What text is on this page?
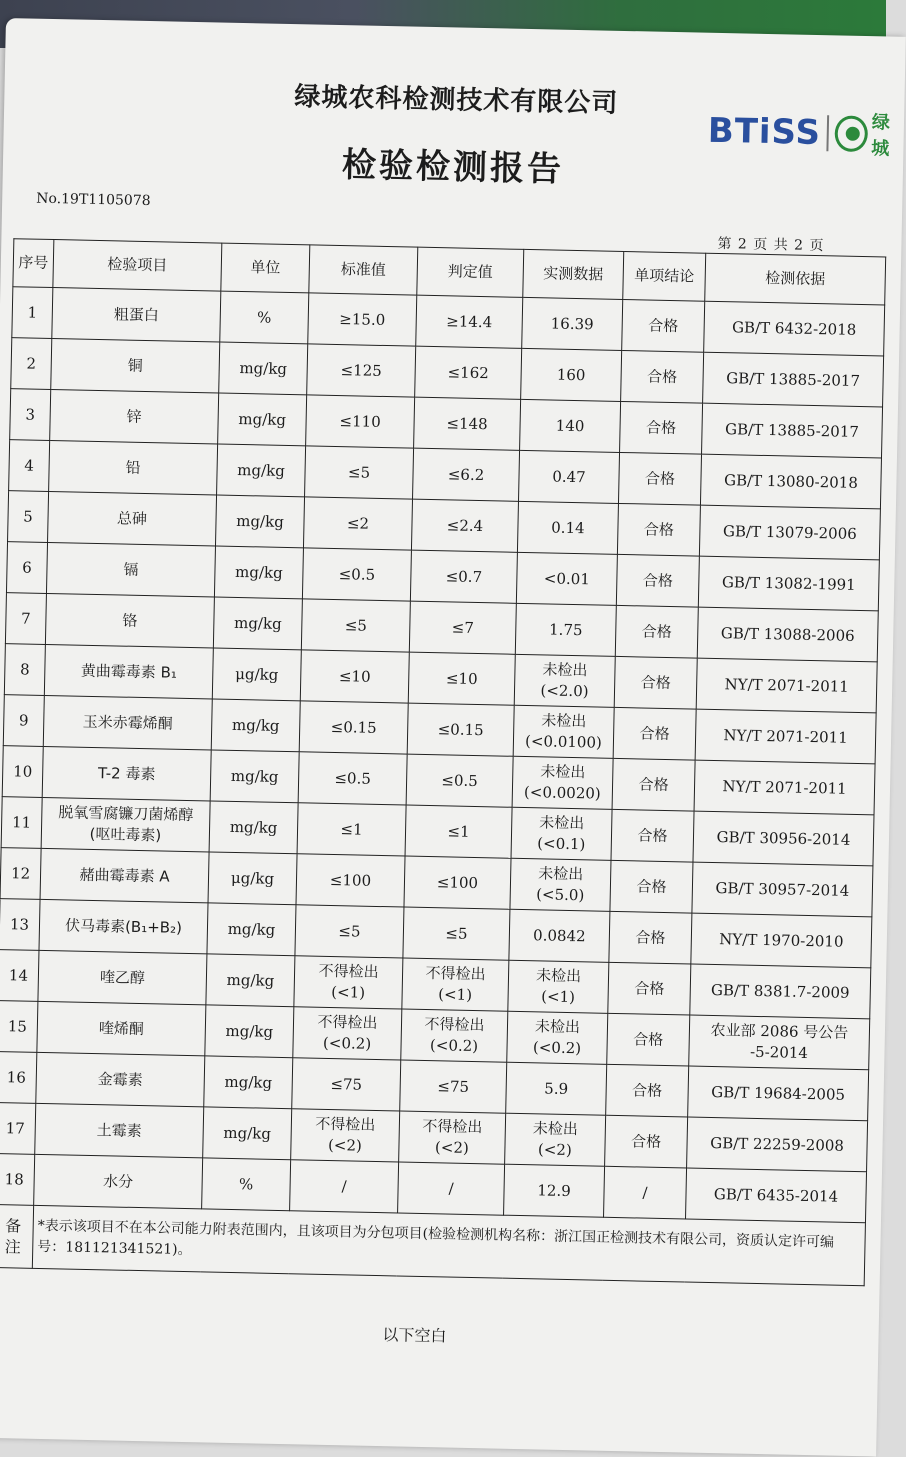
绿城农科检测技术有限公司
检验检测报告
BTiSS	绿城
No.19T1105078
第 2 页 共 2 页
序号	检验项目	单位	标准值	判定值	实测数据	单项结论	检测依据
1	粗蛋白	%	≥15.0	≥14.4	16.39	合格	GB/T 6432-2018
2	铜	mg/kg	≤125	≤162	160	合格	GB/T 13885-2017
3	锌	mg/kg	≤110	≤148	140	合格	GB/T 13885-2017
4	铅	mg/kg	≤5	≤6.2	0.47	合格	GB/T 13080-2018
5	总砷	mg/kg	≤2	≤2.4	0.14	合格	GB/T 13079-2006
6	镉	mg/kg	≤0.5	≤0.7	<0.01	合格	GB/T 13082-1991
7	铬	mg/kg	≤5	≤7	1.75	合格	GB/T 13088-2006
8	黄曲霉毒素 B₁	μg/kg	≤10	≤10	未检出
(<2.0)	合格	NY/T 2071-2011
9	玉米赤霉烯酮	mg/kg	≤0.15	≤0.15	未检出
(<0.0100)	合格	NY/T 2071-2011
10	T-2 毒素	mg/kg	≤0.5	≤0.5	未检出
(<0.0020)	合格	NY/T 2071-2011
11	脱氧雪腐镰刀菌烯醇
(呕吐毒素)	mg/kg	≤1	≤1	未检出
(<0.1)	合格	GB/T 30956-2014
12	赭曲霉毒素 A	μg/kg	≤100	≤100	未检出
(<5.0)	合格	GB/T 30957-2014
13	伏马毒素(B₁+B₂)	mg/kg	≤5	≤5	0.0842	合格	NY/T 1970-2010
14	喹乙醇	mg/kg	不得检出
(<1)	不得检出
(<1)	未检出
(<1)	合格	GB/T 8381.7-2009
15	喹烯酮	mg/kg	不得检出
(<0.2)	不得检出
(<0.2)	未检出
(<0.2)	合格	农业部 2086 号公告
-5-2014
16	金霉素	mg/kg	≤75	≤75	5.9	合格	GB/T 19684-2005
17	土霉素	mg/kg	不得检出
(<2)	不得检出
(<2)	未检出
(<2)	合格	GB/T 22259-2008
18	水分	%	/	/	12.9	/	GB/T 6435-2014
备
注	*表示该项目不在本公司能力附表范围内，且该项目为分包项目(检验检测机构名称：浙江国正检测技术有限公司，资质认定许可编号：181121341521)。						
以下空白
